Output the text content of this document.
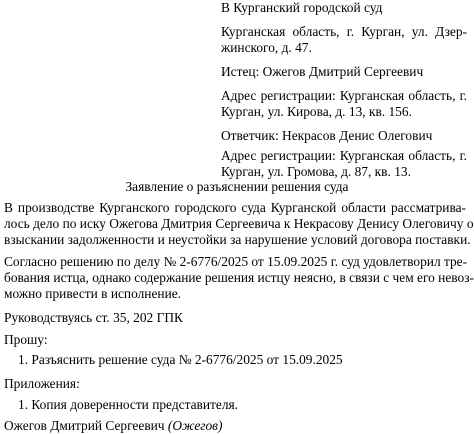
В Курганский городской суд
Курганская область, г. Курган, ул. Дзер-
жинского, д. 47.
Истец: Ожегов Дмитрий Сергеевич
Адрес регистрации: Курганская область, г.
Курган, ул. Кирова, д. 13, кв. 156.
Ответчик: Некрасов Денис Олегович
Адрес регистрации: Курганская область, г.
Курган, ул. Громова, д. 87, кв. 13.
Заявление о разъяснении решения суда
В производстве Курганского городского суда Курганской области рассматрива-
лось дело по иску Ожегова Дмитрия Сергеевича к Некрасову Денису Олеговичу о
взыскании задолженности и неустойки за нарушение условий договора поставки.
Согласно решению по делу № 2-6776/2025 от 15.09.2025 г. суд удовлетворил тре-
бования истца, однако содержание решения истцу неясно, в связи с чем его невоз-
можно привести в исполнение.
Руководствуясь ст. 35, 202 ГПК
Прошу:
1. Разъяснить решение суда № 2-6776/2025 от 15.09.2025
Приложения:
1. Копия доверенности представителя.
Ожегов Дмитрий Сергеевич (Ожегов)
